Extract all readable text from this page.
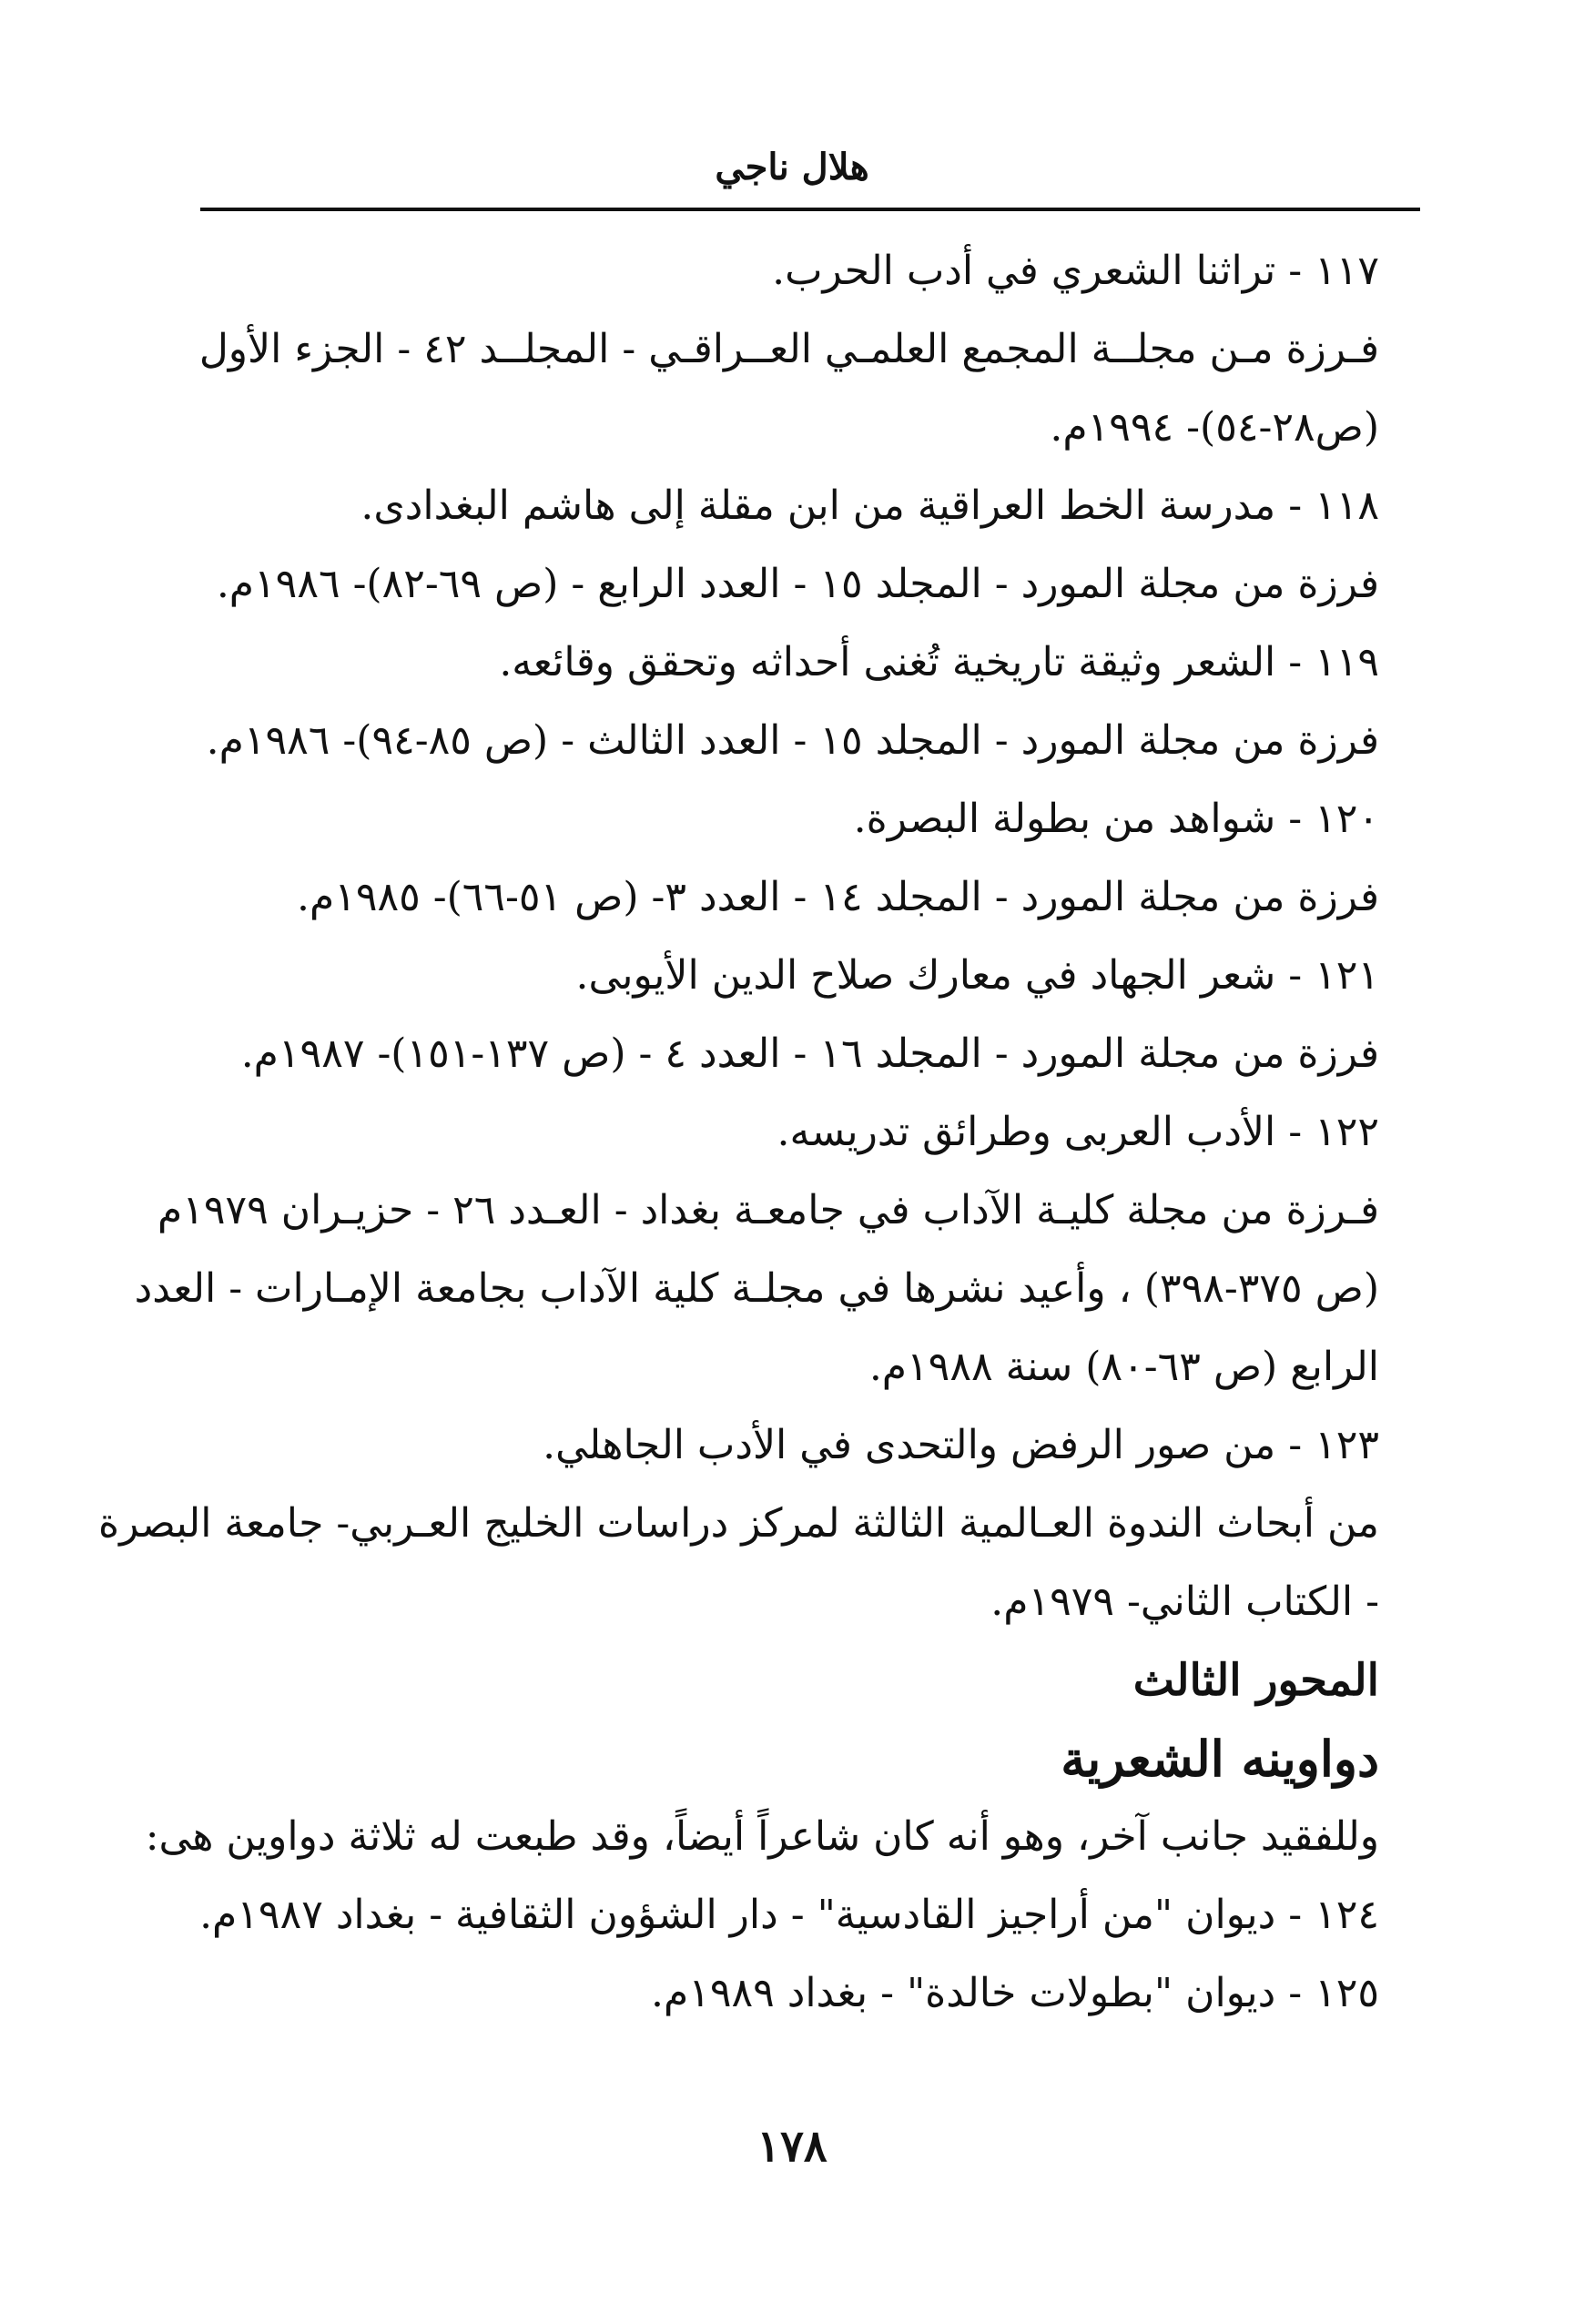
هلال ناجي
١١٧ - تراثنا الشعري في أدب الحرب.
فـرزة مـن مجلــة المجمع العلمـي العــراقـي - المجلــد ٤٢ - الجزء الأول
(ص٢٨-٥٤)- ١٩٩٤م.
١١٨ - مدرسة الخط العراقية من ابن مقلة إلى هاشم البغدادى.
فرزة من مجلة المورد - المجلد ١٥ - العدد الرابع - (ص ٦٩-٨٢)- ١٩٨٦م.
١١٩ - الشعر وثيقة تاريخية تُغنى أحداثه وتحقق وقائعه.
فرزة من مجلة المورد - المجلد ١٥ - العدد الثالث - (ص ٨٥-٩٤)- ١٩٨٦م.
١٢٠ - شواهد من بطولة البصرة.
فرزة من مجلة المورد - المجلد ١٤ - العدد ٣- (ص ٥١-٦٦)- ١٩٨٥م.
١٢١ - شعر الجهاد في معارك صلاح الدين الأيوبى.
فرزة من مجلة المورد - المجلد ١٦ - العدد ٤ - (ص ١٣٧-١٥١)- ١٩٨٧م.
١٢٢ - الأدب العربى وطرائق تدريسه.
فـرزة من مجلة كليـة الآداب في جامعـة بغداد - العـدد ٢٦ - حزيـران ١٩٧٩م
(ص ٣٧٥-٣٩٨) ، وأعيد نشرها في مجلـة كلية الآداب بجامعة الإمـارات - العدد
الرابع (ص ٦٣-٨٠) سنة ١٩٨٨م.
١٢٣ - من صور الرفض والتحدى في الأدب الجاهلي.
من أبحاث الندوة العـالمية الثالثة لمركز دراسات الخليج العـربي- جامعة البصرة
- الكتاب الثاني- ١٩٧٩م.
المحور الثالث
دواوينه الشعرية
وللفقيد جانب آخر، وهو أنه كان شاعراً أيضاً، وقد طبعت له ثلاثة دواوين هى:
١٢٤ - ديوان "من أراجيز القادسية" - دار الشؤون الثقافية - بغداد ١٩٨٧م.
١٢٥ - ديوان "بطولات خالدة" - بغداد ١٩٨٩م.
١٧٨
